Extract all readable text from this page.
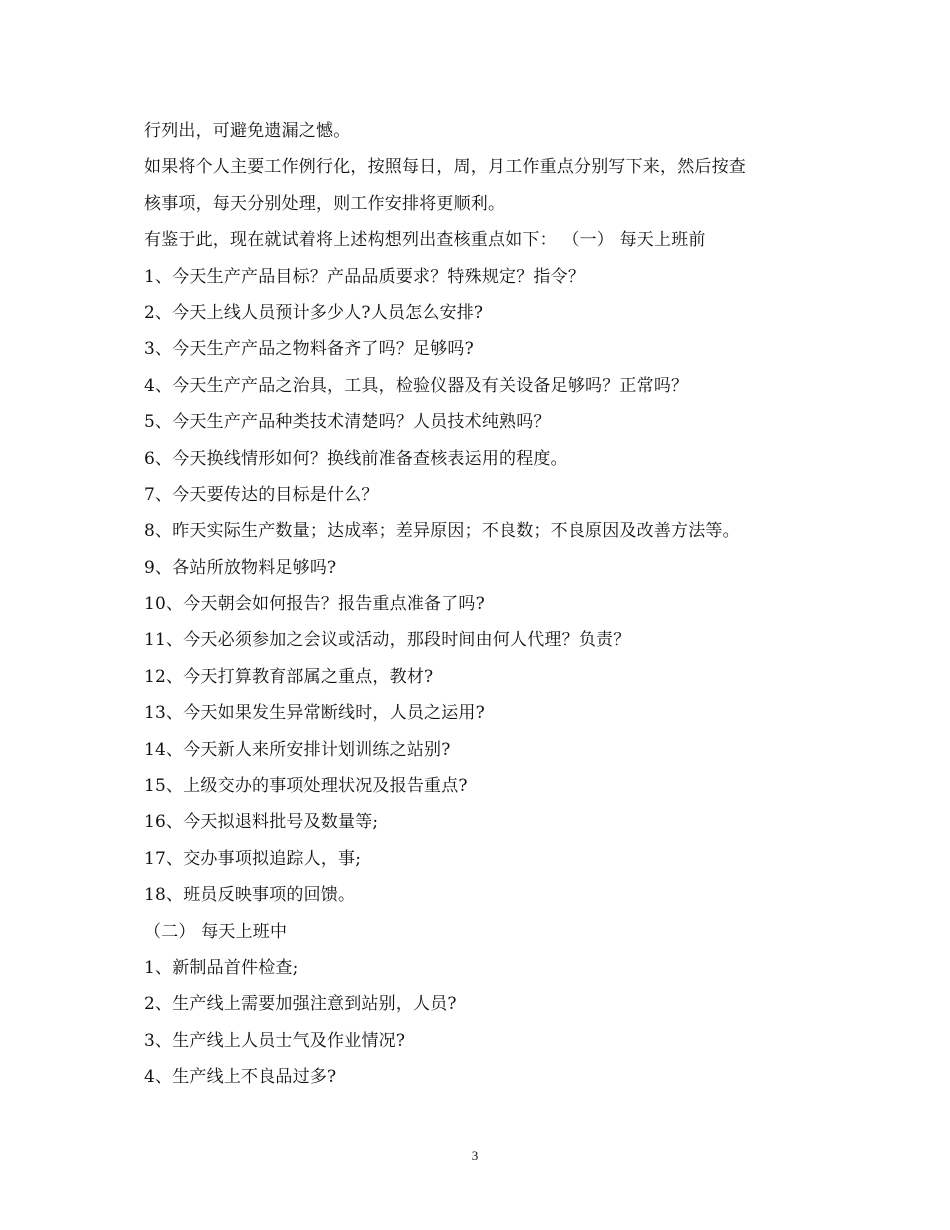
行列出，可避免遗漏之憾。
如果将个人主要工作例行化，按照每日，周，月工作重点分别写下来，然后按查
核事项，每天分别处理，则工作安排将更顺利。
有鉴于此，现在就试着将上述构想列出查核重点如下： （一） 每天上班前
1、今天生产产品目标？产品品质要求？特殊规定？指令？
2、今天上线人员预计多少人?人员怎么安排?
3、今天生产产品之物料备齐了吗？足够吗?
4、今天生产产品之治具，工具，检验仪器及有关设备足够吗？正常吗？
5、今天生产产品种类技术清楚吗？人员技术纯熟吗？
6、今天换线情形如何？换线前准备查核表运用的程度。
7、今天要传达的目标是什么？
8、昨天实际生产数量；达成率；差异原因；不良数；不良原因及改善方法等。
9、各站所放物料足够吗?
10、今天朝会如何报告？报告重点准备了吗?
11、今天必须参加之会议或活动，那段时间由何人代理？负责？
12、今天打算教育部属之重点，教材?
13、今天如果发生异常断线时，人员之运用?
14、今天新人来所安排计划训练之站别?
15、上级交办的事项处理状况及报告重点?
16、今天拟退料批号及数量等;
17、交办事项拟追踪人，事;
18、班员反映事项的回馈。
（二） 每天上班中
1、新制品首件检查;
2、生产线上需要加强注意到站别，人员?
3、生产线上人员士气及作业情况?
4、生产线上不良品过多?
3
